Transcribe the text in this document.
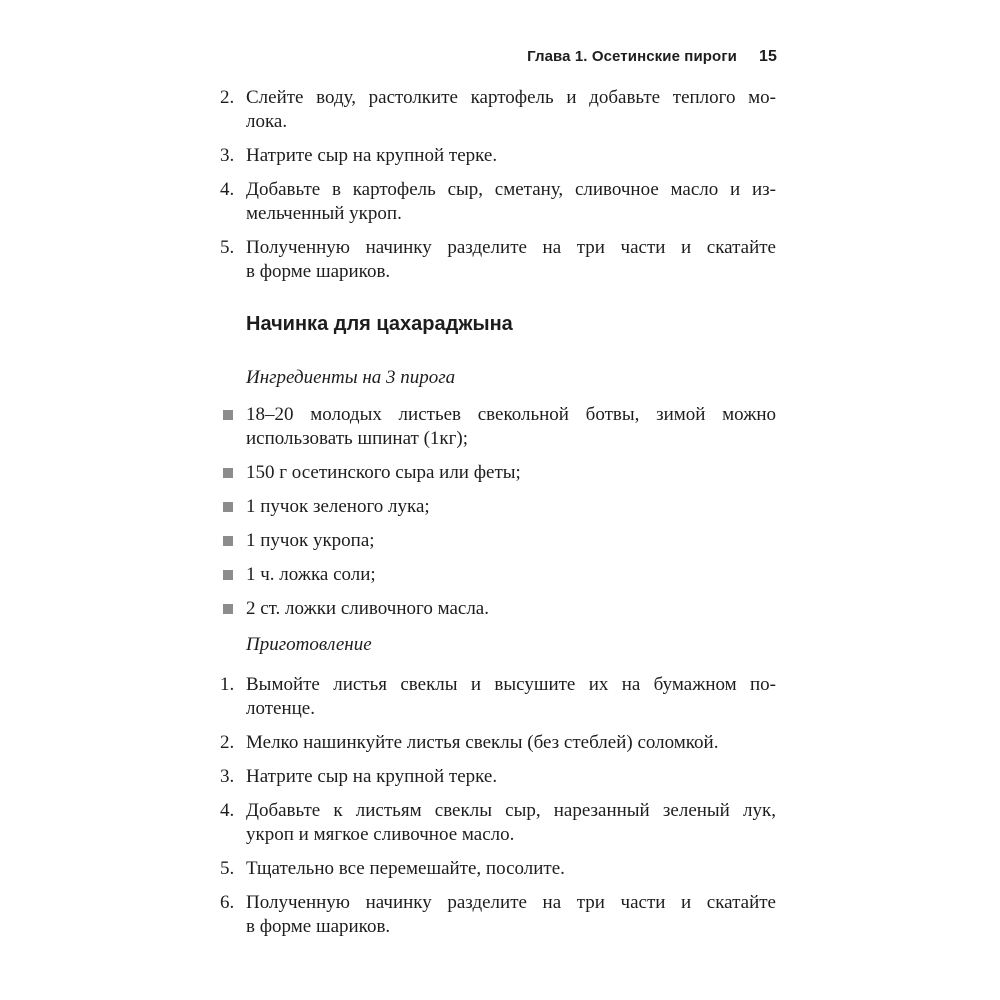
Глава 1. Осетинские пироги 15
2. Слейте воду, растолките картофель и добавьте теплого мо-
лока.
3. Натрите сыр на крупной терке.
4. Добавьте в картофель сыр, сметану, сливочное масло и из-
мельченный укроп.
5. Полученную начинку разделите на три части и скатайте
в форме шариков.
Начинка для цахараджына
Ингредиенты на 3 пирога
18–20 молодых листьев свекольной ботвы, зимой можно
использовать шпинат (1кг);
150 г осетинского сыра или феты;
1 пучок зеленого лука;
1 пучок укропа;
1 ч. ложка соли;
2 ст. ложки сливочного масла.
Приготовление
1. Вымойте листья свеклы и высушите их на бумажном по-
лотенце.
2. Мелко нашинкуйте листья свеклы (без стеблей) соломкой.
3. Натрите сыр на крупной терке.
4. Добавьте к листьям свеклы сыр, нарезанный зеленый лук,
укроп и мягкое сливочное масло.
5. Тщательно все перемешайте, посолите.
6. Полученную начинку разделите на три части и скатайте
в форме шариков.
